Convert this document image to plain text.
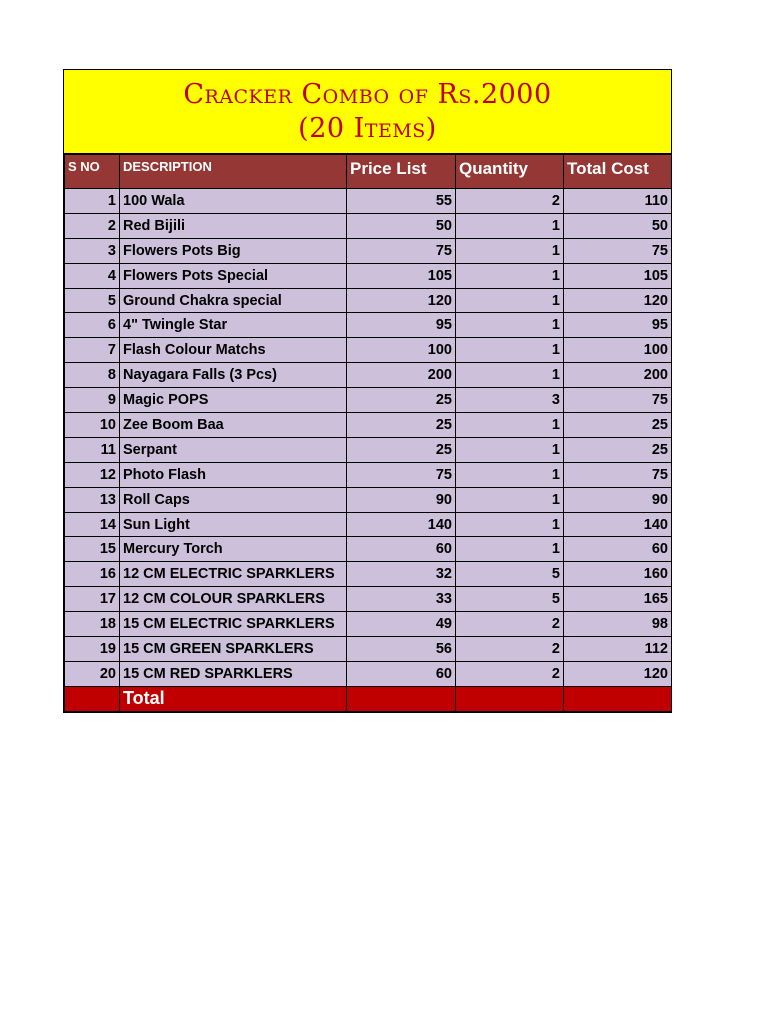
Cracker Combo of Rs.2000
(20 Items)
S NO	DESCRIPTION	Price List	Quantity	Total Cost
1	100 Wala	55	2	110
2	Red Bijili	50	1	50
3	Flowers Pots Big	75	1	75
4	Flowers Pots Special	105	1	105
5	Ground Chakra special	120	1	120
6	4" Twingle Star	95	1	95
7	Flash Colour Matchs	100	1	100
8	Nayagara Falls (3 Pcs)	200	1	200
9	Magic POPS	25	3	75
10	Zee Boom Baa	25	1	25
11	Serpant	25	1	25
12	Photo Flash	75	1	75
13	Roll Caps	90	1	90
14	Sun Light	140	1	140
15	Mercury Torch	60	1	60
16	12 CM ELECTRIC SPARKLERS	32	5	160
17	12 CM COLOUR SPARKLERS	33	5	165
18	15 CM ELECTRIC SPARKLERS	49	2	98
19	15 CM GREEN SPARKLERS	56	2	112
20	15 CM RED SPARKLERS	60	2	120
	Total			
